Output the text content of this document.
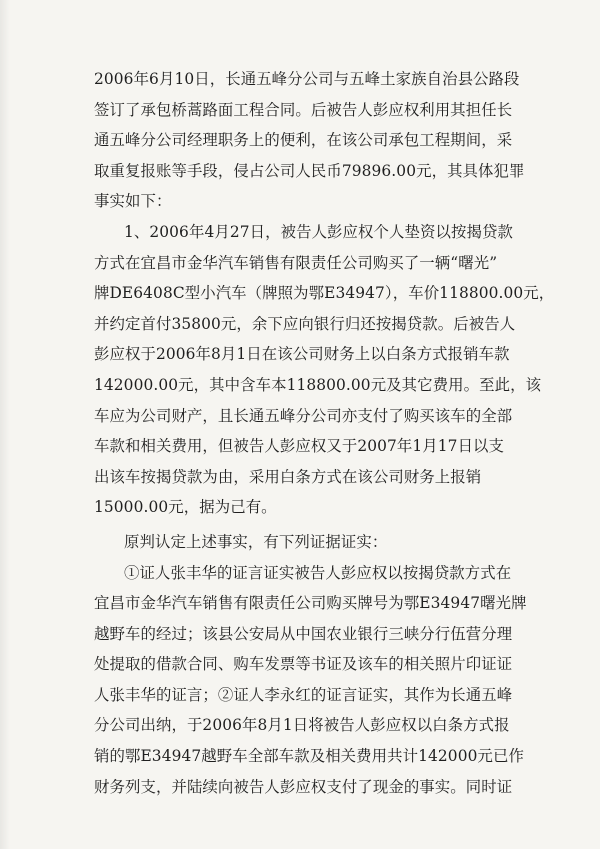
2006年6月10日，长通五峰分公司与五峰土家族自治县公路段
签订了承包桥蒿路面工程合同。后被告人彭应权利用其担任长
通五峰分公司经理职务上的便利，在该公司承包工程期间，采
取重复报账等手段，侵占公司人民币79896.00元，其具体犯罪
事实如下：
1、2006年4月27日，被告人彭应权个人垫资以按揭贷款
方式在宜昌市金华汽车销售有限责任公司购买了一辆“曙光”
牌DE6408C型小汽车（牌照为鄂E34947），车价118800.00元，
并约定首付35800元，余下应向银行归还按揭贷款。后被告人
彭应权于2006年8月1日在该公司财务上以白条方式报销车款
142000.00元，其中含车本118800.00元及其它费用。至此，该
车应为公司财产，且长通五峰分公司亦支付了购买该车的全部
车款和相关费用，但被告人彭应权又于2007年1月17日以支
出该车按揭贷款为由，采用白条方式在该公司财务上报销
15000.00元，据为己有。
原判认定上述事实，有下列证据证实：
①证人张丰华的证言证实被告人彭应权以按揭贷款方式在
宜昌市金华汽车销售有限责任公司购买牌号为鄂E34947曙光牌
越野车的经过；该县公安局从中国农业银行三峡分行伍营分理
处提取的借款合同、购车发票等书证及该车的相关照片印证证
人张丰华的证言；②证人李永红的证言证实，其作为长通五峰
分公司出纳，于2006年8月1日将被告人彭应权以白条方式报
销的鄂E34947越野车全部车款及相关费用共计142000元已作
财务列支，并陆续向被告人彭应权支付了现金的事实。同时证
